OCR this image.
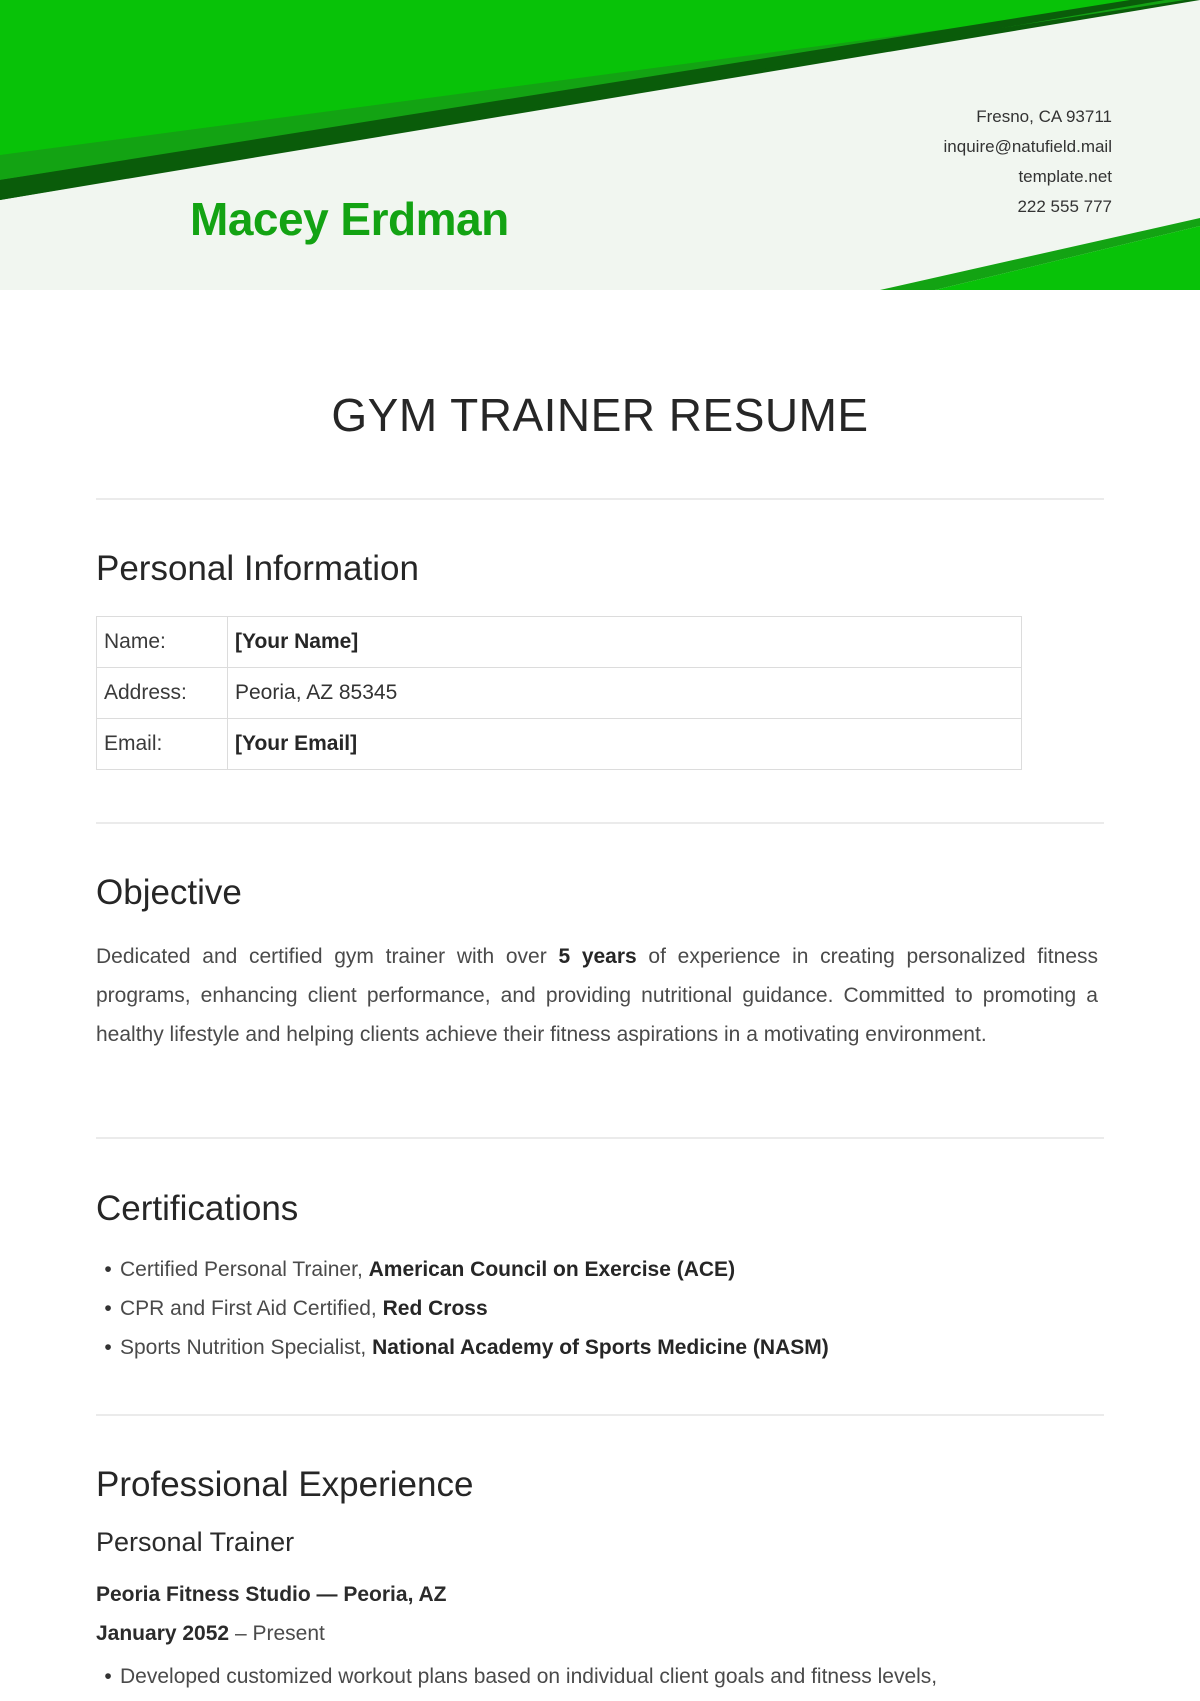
Macey Erdman
Fresno, CA 93711
inquire@natufield.mail
template.net
222 555 777
GYM TRAINER RESUME
Personal Information
Name:	[Your Name]
Address:	Peoria, AZ 85345
Email:	[Your Email]
Objective

Dedicated and certified gym trainer with over 5 years of experience in creating personalized fitness programs, enhancing client performance, and providing nutritional guidance. Committed to promoting a healthy lifestyle and helping clients achieve their fitness aspirations in a motivating environment.

Certifications
• Certified Personal Trainer, American Council on Exercise (ACE)
• CPR and First Aid Certified, Red Cross
• Sports Nutrition Specialist, National Academy of Sports Medicine (NASM)
Professional Experience
Personal Trainer

Peoria Fitness Studio — Peoria, AZ

January 2052 – Present

• Developed customized workout plans based on individual client goals and fitness levels,
